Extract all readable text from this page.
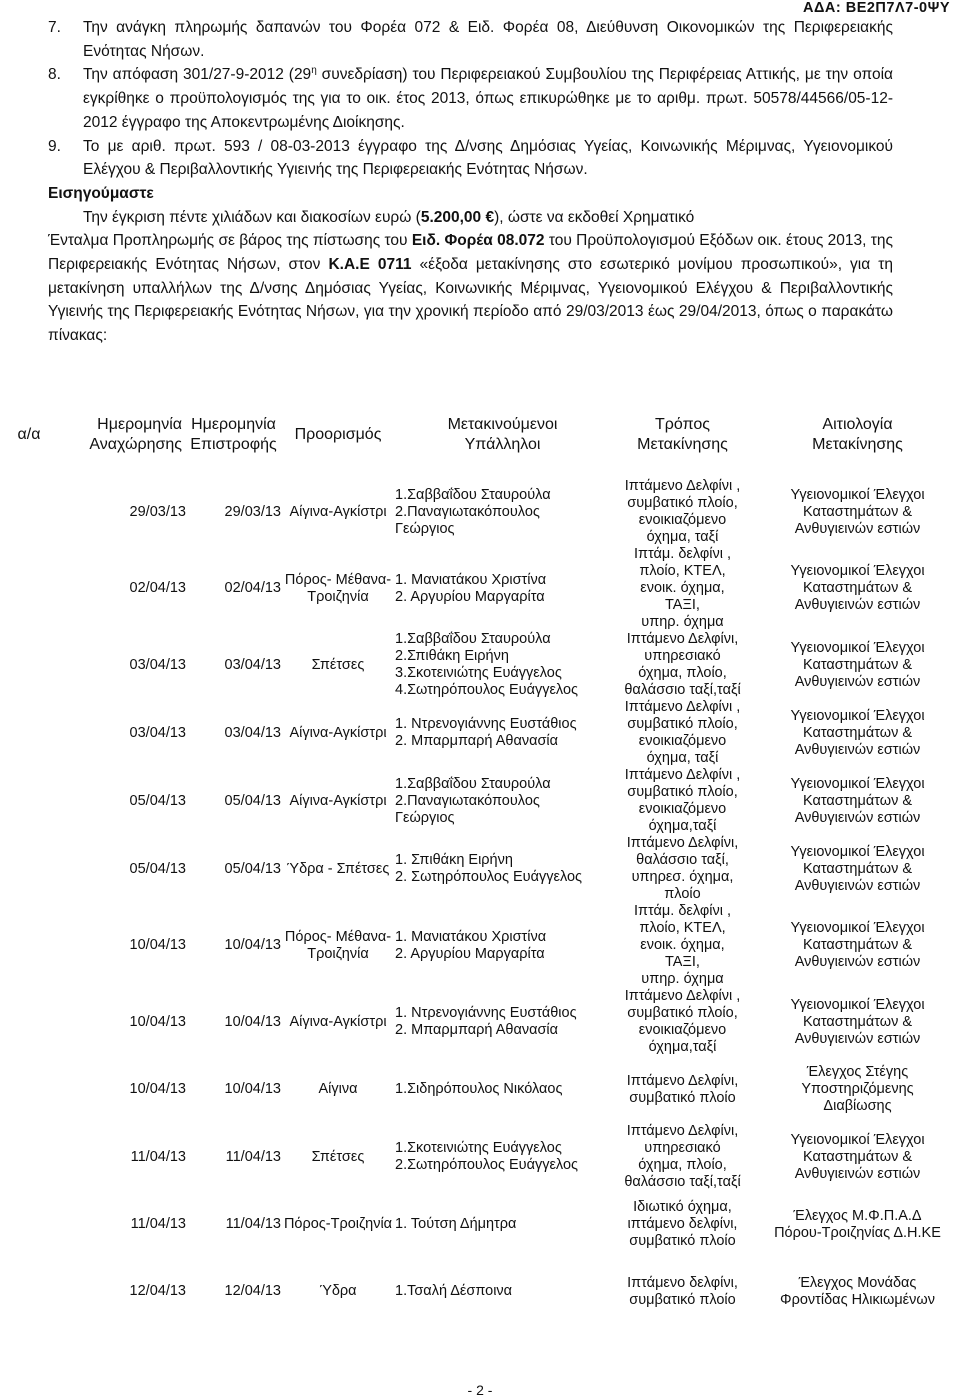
ΑΔΑ: ΒΕ2Π7Λ7-0ΨΥ
7. Την ανάγκη πληρωμής δαπανών του Φορέα 072 & Ειδ. Φορέα 08, Διεύθυνση Οικονομικών της Περιφερειακής Ενότητας Νήσων.
8. Την απόφαση 301/27-9-2012 ($29^\eta$ συνεδρίαση) του Περιφερειακού Συμβουλίου της Περιφέρειας Αττικής, με την οποία εγκρίθηκε ο προϋπολογισμός της για το οικ. έτος 2013, όπως επικυρώθηκε με το αριθμ. πρωτ. 50578/44566/05-12-2012 έγγραφο της Αποκεντρωμένης Διοίκησης.
9. Το με αριθ. πρωτ. 593 / 08-03-2013 έγγραφο της Δ/νσης Δημόσιας Υγείας, Κοινωνικής Μέριμνας, Υγειονομικού Ελέγχου & Περιβαλλοντικής Υγιεινής της Περιφερειακής Ενότητας Νήσων.
Εισηγούμαστε
Την έγκριση πέντε χιλιάδων και διακοσίων ευρώ (5.200,00 €), ώστε να εκδοθεί Χρηματικό
Ένταλμα Προπληρωμής σε βάρος της πίστωσης του Ειδ. Φορέα 08.072 του Προϋπολογισμού Εξόδων οικ. έτους 2013, της Περιφερειακής Ενότητας Νήσων, στον Κ.Α.Ε 0711 «έξοδα μετακίνησης στο εσωτερικό μονίμου προσωπικού», για τη μετακίνηση υπαλλήλων της Δ/νσης Δημόσιας Υγείας, Κοινωνικής Μέριμνας, Υγειονομικού Ελέγχου & Περιβαλλοντικής Υγιεινής της Περιφερειακής Ενότητας Νήσων, για την χρονική περίοδο από 29/03/2013 έως 29/04/2013, όπως ο παρακάτω πίνακας:
α/α	Ημερομηνία
Αναχώρησης	Ημερομηνία
Επιστροφής	Προορισμός	Μετακινούμενοι
Υπάλληλοι	Τρόπος
Μετακίνησης	Αιτιολογία
Μετακίνησης
	29/03/13	29/03/13	Αίγινα-Αγκίστρι	1.Σαββαΐδου Σταυρούλα
2.Παναγιωτακόπουλος
Γεώργιος	Ιπτάμενο Δελφίνι ,
συμβατικό πλοίο,
ενοικιαζόμενο
όχημα, ταξί	Υγειονομικοί Έλεγχοι
Καταστημάτων &
Ανθυγιεινών εστιών

	02/04/13	02/04/13	Πόρος- Μέθανα-
Τροιζηνία	1. Μανιατάκου Χριστίνα
2. Αργυρίου Μαργαρίτα	Ιπτάμ. δελφίνι ,
πλοίο, ΚΤΕΛ,
ενοικ. όχημα,
ΤΑΞΙ,
υπηρ. όχημα	Υγειονομικοί Έλεγχοι
Καταστημάτων &
Ανθυγιεινών εστιών

	03/04/13	03/04/13	Σπέτσες	1.Σαββαΐδου Σταυρούλα
2.Σπιθάκη Ειρήνη
3.Σκοτεινιώτης Ευάγγελος
4.Σωτηρόπουλος Ευάγγελος	Ιπτάμενο Δελφίνι,
υπηρεσιακό
όχημα, πλοίο,
θαλάσσιο ταξί,ταξί	Υγειονομικοί Έλεγχοι
Καταστημάτων &
Ανθυγιεινών εστιών

	03/04/13	03/04/13	Αίγινα-Αγκίστρι	1. Ντρενογιάννης Ευστάθιος
2. Μπαρμπαρή Αθανασία	Ιπτάμενο Δελφίνι ,
συμβατικό πλοίο,
ενοικιαζόμενο
όχημα, ταξί	Υγειονομικοί Έλεγχοι
Καταστημάτων &
Ανθυγιεινών εστιών

	05/04/13	05/04/13	Αίγινα-Αγκίστρι	1.Σαββαΐδου Σταυρούλα
2.Παναγιωτακόπουλος
Γεώργιος	Ιπτάμενο Δελφίνι ,
συμβατικό πλοίο,
ενοικιαζόμενο
όχημα,ταξί	Υγειονομικοί Έλεγχοι
Καταστημάτων &
Ανθυγιεινών εστιών

	05/04/13	05/04/13	Ύδρα - Σπέτσες	1. Σπιθάκη Ειρήνη
2. Σωτηρόπουλος Ευάγγελος	Ιπτάμενο Δελφίνι,
θαλάσσιο ταξί,
υπηρεσ. όχημα,
πλοίο	Υγειονομικοί Έλεγχοι
Καταστημάτων &
Ανθυγιεινών εστιών

	10/04/13	10/04/13	Πόρος- Μέθανα-
Τροιζηνία	1. Μανιατάκου Χριστίνα
2. Αργυρίου Μαργαρίτα	Ιπτάμ. δελφίνι ,
πλοίο, ΚΤΕΛ,
ενοικ. όχημα,
ΤΑΞΙ,
υπηρ. όχημα	Υγειονομικοί Έλεγχοι
Καταστημάτων &
Ανθυγιεινών εστιών

	10/04/13	10/04/13	Αίγινα-Αγκίστρι	1. Ντρενογιάννης Ευστάθιος
2. Μπαρμπαρή Αθανασία	Ιπτάμενο Δελφίνι ,
συμβατικό πλοίο,
ενοικιαζόμενο
όχημα,ταξί	Υγειονομικοί Έλεγχοι
Καταστημάτων &
Ανθυγιεινών εστιών

	10/04/13	10/04/13	Αίγινα	1.Σιδηρόπουλος Νικόλαος	Ιπτάμενο Δελφίνι,
συμβατικό πλοίο	Έλεγχος Στέγης
Υποστηριζόμενης
Διαβίωσης

	11/04/13	11/04/13	Σπέτσες	1.Σκοτεινιώτης Ευάγγελος
2.Σωτηρόπουλος Ευάγγελος	Ιπτάμενο Δελφίνι,
υπηρεσιακό
όχημα, πλοίο,
θαλάσσιο ταξί,ταξί	Υγειονομικοί Έλεγχοι
Καταστημάτων &
Ανθυγιεινών εστιών

	11/04/13	11/04/13	Πόρος-Τροιζηνία	1. Τούτση Δήμητρα	Ιδιωτικό όχημα,
ιπτάμενο δελφίνι,
συμβατικό πλοίο	Έλεγχος Μ.Φ.Π.Α.Δ
Πόρου-Τροιζηνίας Δ.Η.ΚΕ

	12/04/13	12/04/13	Ύδρα	1.Τσαλή Δέσποινα	Ιπτάμενο δελφίνι,
συμβατικό πλοίο	Έλεγχος Μονάδας
Φροντίδας Ηλικιωμένων
- 2 -
